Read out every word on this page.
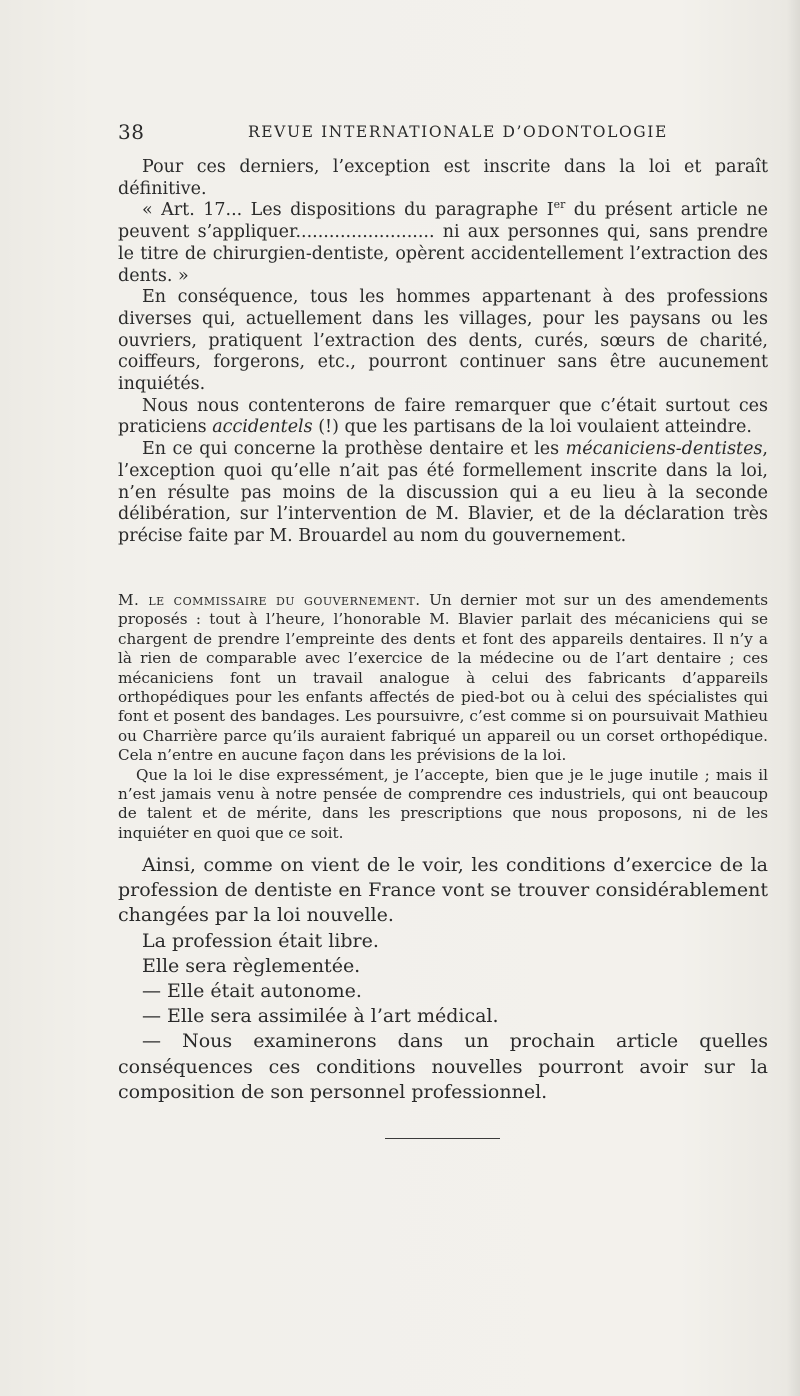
38	REVUE INTERNATIONALE D’ODONTOLOGIE

Pour ces derniers, l’exception est inscrite dans la loi et paraît définitive.

« Art. 17... Les dispositions du paragraphe Ier du présent article ne peuvent s’appliquer......................... ni aux personnes qui, sans prendre le titre de chirurgien-dentiste, opèrent accidentellement l’extraction des dents. »

En conséquence, tous les hommes appartenant à des professions diverses qui, actuellement dans les villages, pour les paysans ou les ouvriers, pratiquent l’extraction des dents, curés, sœurs de charité, coiffeurs, forgerons, etc., pourront continuer sans être aucunement inquiétés.

Nous nous contenterons de faire remarquer que c’était surtout ces praticiens accidentels (!) que les partisans de la loi voulaient atteindre.

En ce qui concerne la prothèse dentaire et les mécaniciens-dentistes, l’exception quoi qu’elle n’ait pas été formellement inscrite dans la loi, n’en résulte pas moins de la discussion qui a eu lieu à la seconde délibération, sur l’intervention de M. Blavier, et de la déclaration très précise faite par M. Brouardel au nom du gouvernement.

M. le commissaire du gouvernement. Un dernier mot sur un des amendements proposés : tout à l’heure, l’honorable M. Blavier parlait des mécaniciens qui se chargent de prendre l’empreinte des dents et font des appareils dentaires. Il n’y a là rien de comparable avec l’exercice de la médecine ou de l’art dentaire ; ces mécaniciens font un travail analogue à celui des fabricants d’appareils orthopédiques pour les enfants affectés de pied-bot ou à celui des spécialistes qui font et posent des bandages. Les poursuivre, c’est comme si on poursuivait Mathieu ou Charrière parce qu’ils auraient fabriqué un appareil ou un corset orthopédique. Cela n’entre en aucune façon dans les prévisions de la loi.

Que la loi le dise expressément, je l’accepte, bien que je le juge inutile ; mais il n’est jamais venu à notre pensée de comprendre ces industriels, qui ont beaucoup de talent et de mérite, dans les prescriptions que nous proposons, ni de les inquiéter en quoi que ce soit.

Ainsi, comme on vient de le voir, les conditions d’exercice de la profession de dentiste en France vont se trouver considérablement changées par la loi nouvelle.

La profession était libre.

Elle sera règlementée.

— Elle était autonome.

— Elle sera assimilée à l’art médical.

— Nous examinerons dans un prochain article quelles conséquences ces conditions nouvelles pourront avoir sur la composition de son personnel professionnel.
